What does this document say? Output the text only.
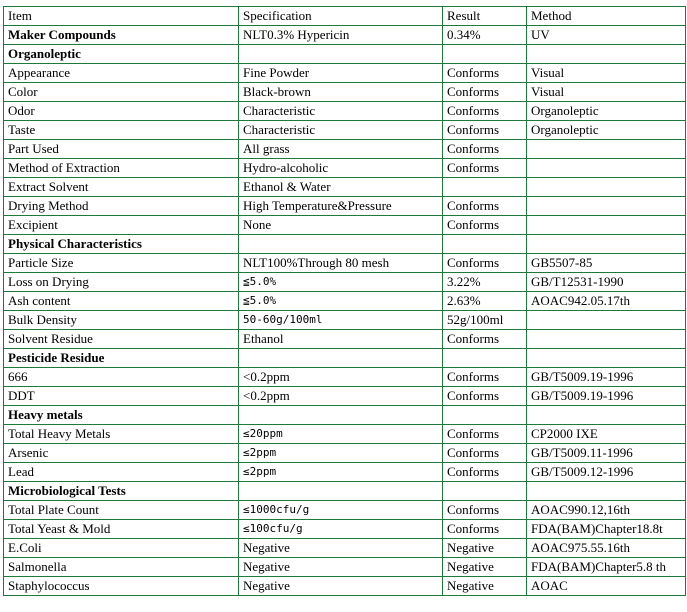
Item	Specification	Result	Method
Maker Compounds	NLT0.3% Hypericin	0.34%	UV
Organoleptic			
Appearance	Fine Powder	Conforms	Visual
Color	Black-brown	Conforms	Visual
Odor	Characteristic	Conforms	Organoleptic
Taste	Characteristic	Conforms	Organoleptic
Part Used	All grass	Conforms	
Method of Extraction	Hydro-alcoholic	Conforms	
Extract Solvent	Ethanol & Water		
Drying Method	High Temperature&Pressure	Conforms	
Excipient	None	Conforms	
Physical Characteristics			
Particle Size	NLT100%Through 80 mesh	Conforms	GB5507-85
Loss on Drying	≦5.0%	3.22%	GB/T12531-1990
Ash content	≦5.0%	2.63%	AOAC942.05.17th
Bulk Density	50-60g/100ml	52g/100ml	
Solvent Residue	Ethanol	Conforms	
Pesticide Residue			
666	<0.2ppm	Conforms	GB/T5009.19-1996
DDT	<0.2ppm	Conforms	GB/T5009.19-1996
Heavy metals			
Total Heavy Metals	≤20ppm	Conforms	CP2000 IXE
Arsenic	≤2ppm	Conforms	GB/T5009.11-1996
Lead	≤2ppm	Conforms	GB/T5009.12-1996
Microbiological Tests			
Total Plate Count	≤1000cfu/g	Conforms	AOAC990.12,16th
Total Yeast & Mold	≤100cfu/g	Conforms	FDA(BAM)Chapter18.8t
E.Coli	Negative	Negative	AOAC975.55.16th
Salmonella	Negative	Negative	FDA(BAM)Chapter5.8 th
Staphylococcus	Negative	Negative	AOAC
